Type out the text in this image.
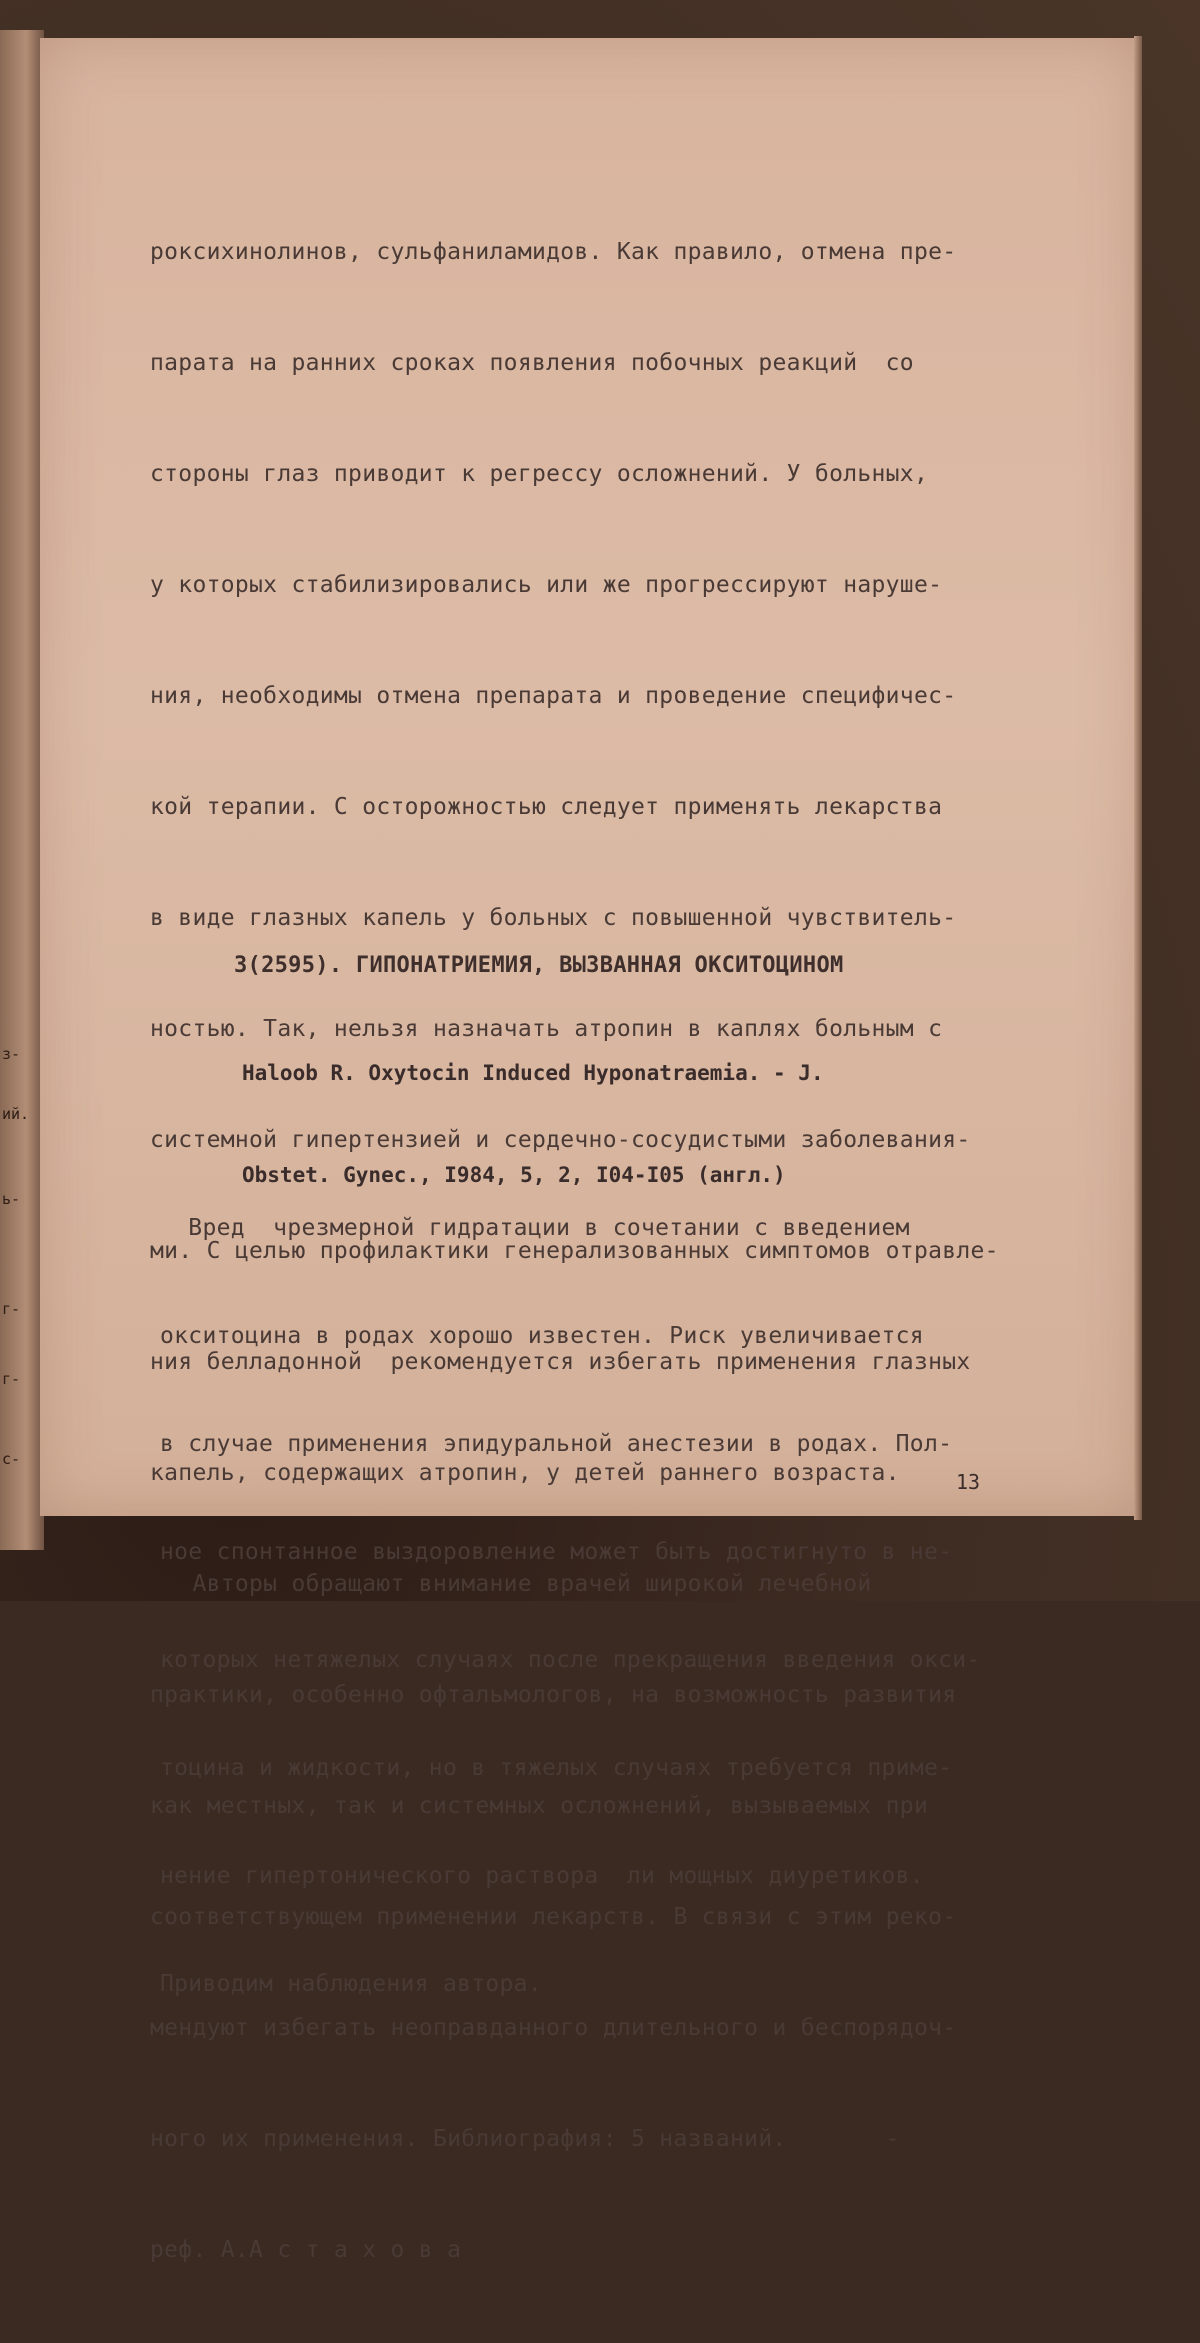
з-
ий.
ь-
г-
г-
с-

роксихинолинов, сульфаниламидов. Как правило, отмена пре-

парата на ранних сроках появления побочных реакций  со

стороны глаз приводит к регрессу осложнений. У больных,

у которых стабилизировались или же прогрессируют наруше-

ния, необходимы отмена препарата и проведение специфичес-

кой терапии. С осторожностью следует применять лекарства

в виде глазных капель у больных с повышенной чувствитель-

ностью. Так, нельзя назначать атропин в каплях больным с

системной гипертензией и сердечно-сосудистыми заболевания-

ми. С целью профилактики генерализованных симптомов отравле-

ния белладонной  рекомендуется избегать применения глазных

капель, содержащих атропин, у детей раннего возраста.

Авторы обращают внимание врачей широкой лечебной

практики, особенно офтальмологов, на возможность развития

как местных, так и системных осложнений, вызываемых при

соответствующем применении лекарств. В связи с этим реко-

мендуют избегать неоправданного длительного и беспорядоч-

ного их применения. Библиография: 5 названий.       -

реф. А.А с т а х о в а

3(2595). ГИПОНАТРИЕМИЯ, ВЫЗВАННАЯ ОКСИТОЦИНОМ

Haloob R. Oxytocin Induced Hyponatraemia. - J.

Obstet. Gynec., I984, 5, 2, I04-I05 (англ.)

Вред  чрезмерной гидратации в сочетании с введением

окситоцина в родах хорошо известен. Риск увеличивается

в случае применения эпидуральной анестезии в родах. Пол-

ное спонтанное выздоровление может быть достигнуто в не-

которых нетяжелых случаях после прекращения введения окси-

тоцина и жидкости, но в тяжелых случаях требуется приме-

нение гипертонического раствора  ли мощных диуретиков.

Приводим наблюдения автора.

13
